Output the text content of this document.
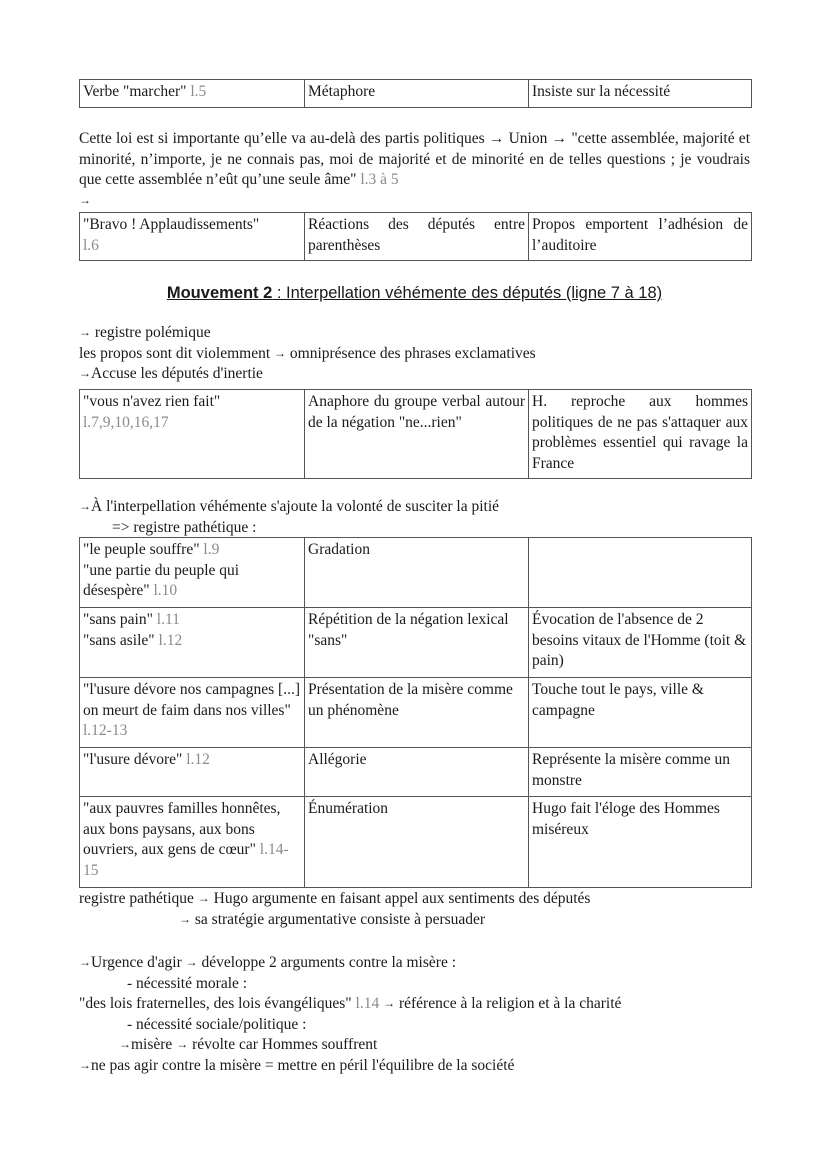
Verbe "marcher" l.5	Métaphore	Insiste sur la nécessité

Cette loi est si importante qu’elle va au-delà des partis politiques → Union → "cette assemblée, majorité et minorité, n’importe, je ne connais pas, moi de majorité et de minorité en de telles questions ; je voudrais que cette assemblée n’eût qu’une seule âme" l.3 à 5

→

"Bravo ! Applaudissements"
l.6	Réactions des députés entre parenthèses	Propos emportent l’adhésion de l’auditoire
Mouvement 2 : Interpellation véhémente des députés (ligne 7 à 18)

→ registre polémique

les propos sont dit violemment → omniprésence des phrases exclamatives

→Accuse les députés d'inertie

"vous n'avez rien fait"
l.7,9,10,16,17	Anaphore du groupe verbal autour de la négation "ne...rien"	H. reproche aux hommes politiques de ne pas s'attaquer aux problèmes essentiel qui ravage la France

→À l'interpellation véhémente s'ajoute la volonté de susciter la pitié

=> registre pathétique :

"le peuple souffre" l.9
"une partie du peuple qui
désespère" l.10	Gradation	
"sans pain" l.11
"sans asile" l.12	Répétition de la négation lexical "sans"	Évocation de l'absence de 2 besoins vitaux de l'Homme (toit & pain)
"l'usure dévore nos campagnes [...] on meurt de faim dans nos villes" l.12-13	Présentation de la misère comme un phénomène	Touche tout le pays, ville & campagne
"l'usure dévore" l.12	Allégorie	Représente la misère comme un monstre
"aux pauvres familles honnêtes, aux bons paysans, aux bons ouvriers, aux gens de cœur" l.14-15	Énumération	Hugo fait l'éloge des Hommes miséreux

registre pathétique → Hugo argumente en faisant appel aux sentiments des députés

→ sa stratégie argumentative consiste à persuader

→Urgence d'agir → développe 2 arguments contre la misère :

- nécessité morale :

"des lois fraternelles, des lois évangéliques" l.14 → référence à la religion et à la charité

- nécessité sociale/politique :

→misère → révolte car Hommes souffrent

→ne pas agir contre la misère = mettre en péril l'équilibre de la société
